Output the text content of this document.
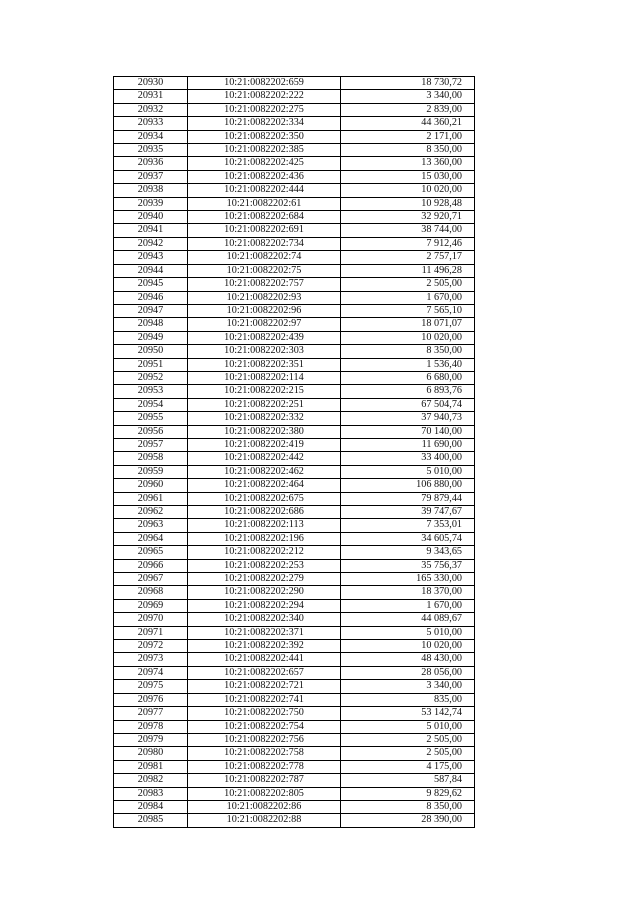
20930	10:21:0082202:659	18 730,72
20931	10:21:0082202:222	3 340,00
20932	10:21:0082202:275	2 839,00
20933	10:21:0082202:334	44 360,21
20934	10:21:0082202:350	2 171,00
20935	10:21:0082202:385	8 350,00
20936	10:21:0082202:425	13 360,00
20937	10:21:0082202:436	15 030,00
20938	10:21:0082202:444	10 020,00
20939	10:21:0082202:61	10 928,48
20940	10:21:0082202:684	32 920,71
20941	10:21:0082202:691	38 744,00
20942	10:21:0082202:734	7 912,46
20943	10:21:0082202:74	2 757,17
20944	10:21:0082202:75	11 496,28
20945	10:21:0082202:757	2 505,00
20946	10:21:0082202:93	1 670,00
20947	10:21:0082202:96	7 565,10
20948	10:21:0082202:97	18 071,07
20949	10:21:0082202:439	10 020,00
20950	10:21:0082202:303	8 350,00
20951	10:21:0082202:351	1 536,40
20952	10:21:0082202:114	6 680,00
20953	10:21:0082202:215	6 893,76
20954	10:21:0082202:251	67 504,74
20955	10:21:0082202:332	37 940,73
20956	10:21:0082202:380	70 140,00
20957	10:21:0082202:419	11 690,00
20958	10:21:0082202:442	33 400,00
20959	10:21:0082202:462	5 010,00
20960	10:21:0082202:464	106 880,00
20961	10:21:0082202:675	79 879,44
20962	10:21:0082202:686	39 747,67
20963	10:21:0082202:113	7 353,01
20964	10:21:0082202:196	34 605,74
20965	10:21:0082202:212	9 343,65
20966	10:21:0082202:253	35 756,37
20967	10:21:0082202:279	165 330,00
20968	10:21:0082202:290	18 370,00
20969	10:21:0082202:294	1 670,00
20970	10:21:0082202:340	44 089,67
20971	10:21:0082202:371	5 010,00
20972	10:21:0082202:392	10 020,00
20973	10:21:0082202:441	48 430,00
20974	10:21:0082202:657	28 056,00
20975	10:21:0082202:721	3 340,00
20976	10:21:0082202:741	835,00
20977	10:21:0082202:750	53 142,74
20978	10:21:0082202:754	5 010,00
20979	10:21:0082202:756	2 505,00
20980	10:21:0082202:758	2 505,00
20981	10:21:0082202:778	4 175,00
20982	10:21:0082202:787	587,84
20983	10:21:0082202:805	9 829,62
20984	10:21:0082202:86	8 350,00
20985	10:21:0082202:88	28 390,00
